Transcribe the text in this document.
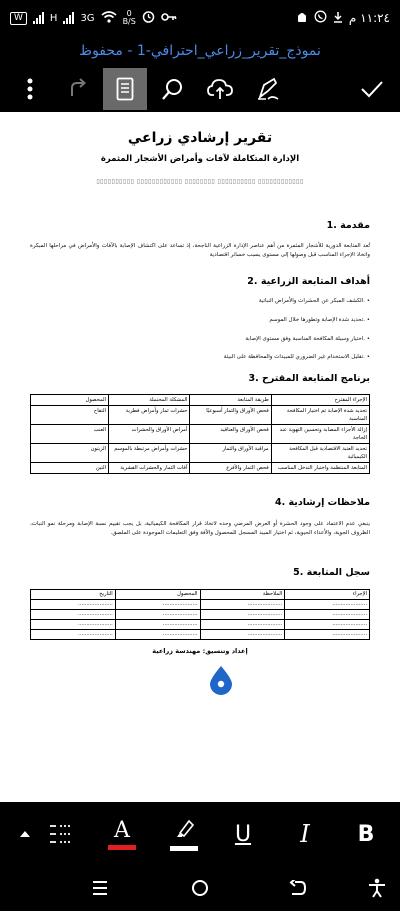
W	H 3G	0
B/S	١١:٢٤ م
نموذج_تقرير_زراعي_احترافي-1 - محفوظ
تقرير إرشادي زراعي
الإدارة المتكاملة لآفات وأمراض الأشجار المثمرة
▯▯▯▯▯▯▯▯▯▯▯▯ ▯▯▯▯▯▯▯▯▯▯ ▯▯▯▯▯▯▯▯ ▯▯▯▯▯▯▯▯▯▯▯▯ ▯▯▯▯▯▯▯▯▯▯
مقدمة .1
تُعد المتابعة الدورية للأشجار المثمرة من أهم عناصر الإدارة الزراعية الناجحة، إذ تساعد على اكتشاف الإصابة بالآفات والأمراض في مراحلها المبكرة واتخاذ الإجراء المناسب قبل وصولها إلى مستوى يسبب خسائر اقتصادية
أهداف المتابعة الزراعية .2
• .الكشف المبكر عن الحشرات والأمراض النباتية
• .تحديد شدة الإصابة وتطورها خلال الموسم
• .اختيار وسيلة المكافحة المناسبة وفق مستوى الإصابة
• .تقليل الاستخدام غير الضروري للمبيدات والمحافظة على البيئة
برنامج المتابعة المقترح .3
الإجراء المقترح	طريقة المتابعة	المشكلة المحتملة	المحصول
تحديد شدة الإصابة ثم اختيار المكافحة المناسبة	فحص الأوراق والثمار أسبوعيًا	حشرات ثمار وأمراض فطرية	التفاح
إزالة الأجزاء المصابة وتحسين التهوية عند الحاجة	فحص الأوراق والعناقيد	أمراض الأوراق والحشرات	العنب
تحديد العتبة الاقتصادية قبل المكافحة الكيميائية	مراقبة الأوراق والثمار	حشرات وأمراض مرتبطة بالموسم	الزيتون
المتابعة المنتظمة واختيار التدخل المناسب	فحص الثمار والأفرع	آفات الثمار والحشرات القشرية	التين
ملاحظات إرشادية .4
ينبغي عدم الاعتماد على وجود الحشرة أو العرض المرضي وحده لاتخاذ قرار المكافحة الكيميائية، بل يجب تقييم نسبة الإصابة ومرحلة نمو النبات، الظروف الجوية، والأعداء الحيوية، ثم اختيار المبيد المسجل للمحصول والآفة وفق التعليمات الموجودة على الملصق.
سجل المتابعة .5
الإجراء	الملاحظة	المحصول	التاريخ
.....................	.....................	.....................	.....................
.....................	.....................	.....................	.....................
.....................	.....................	.....................	.....................
.....................	.....................	.....................	.....................
إعداد وتنسيق: مهندسة زراعية
A	U I B
